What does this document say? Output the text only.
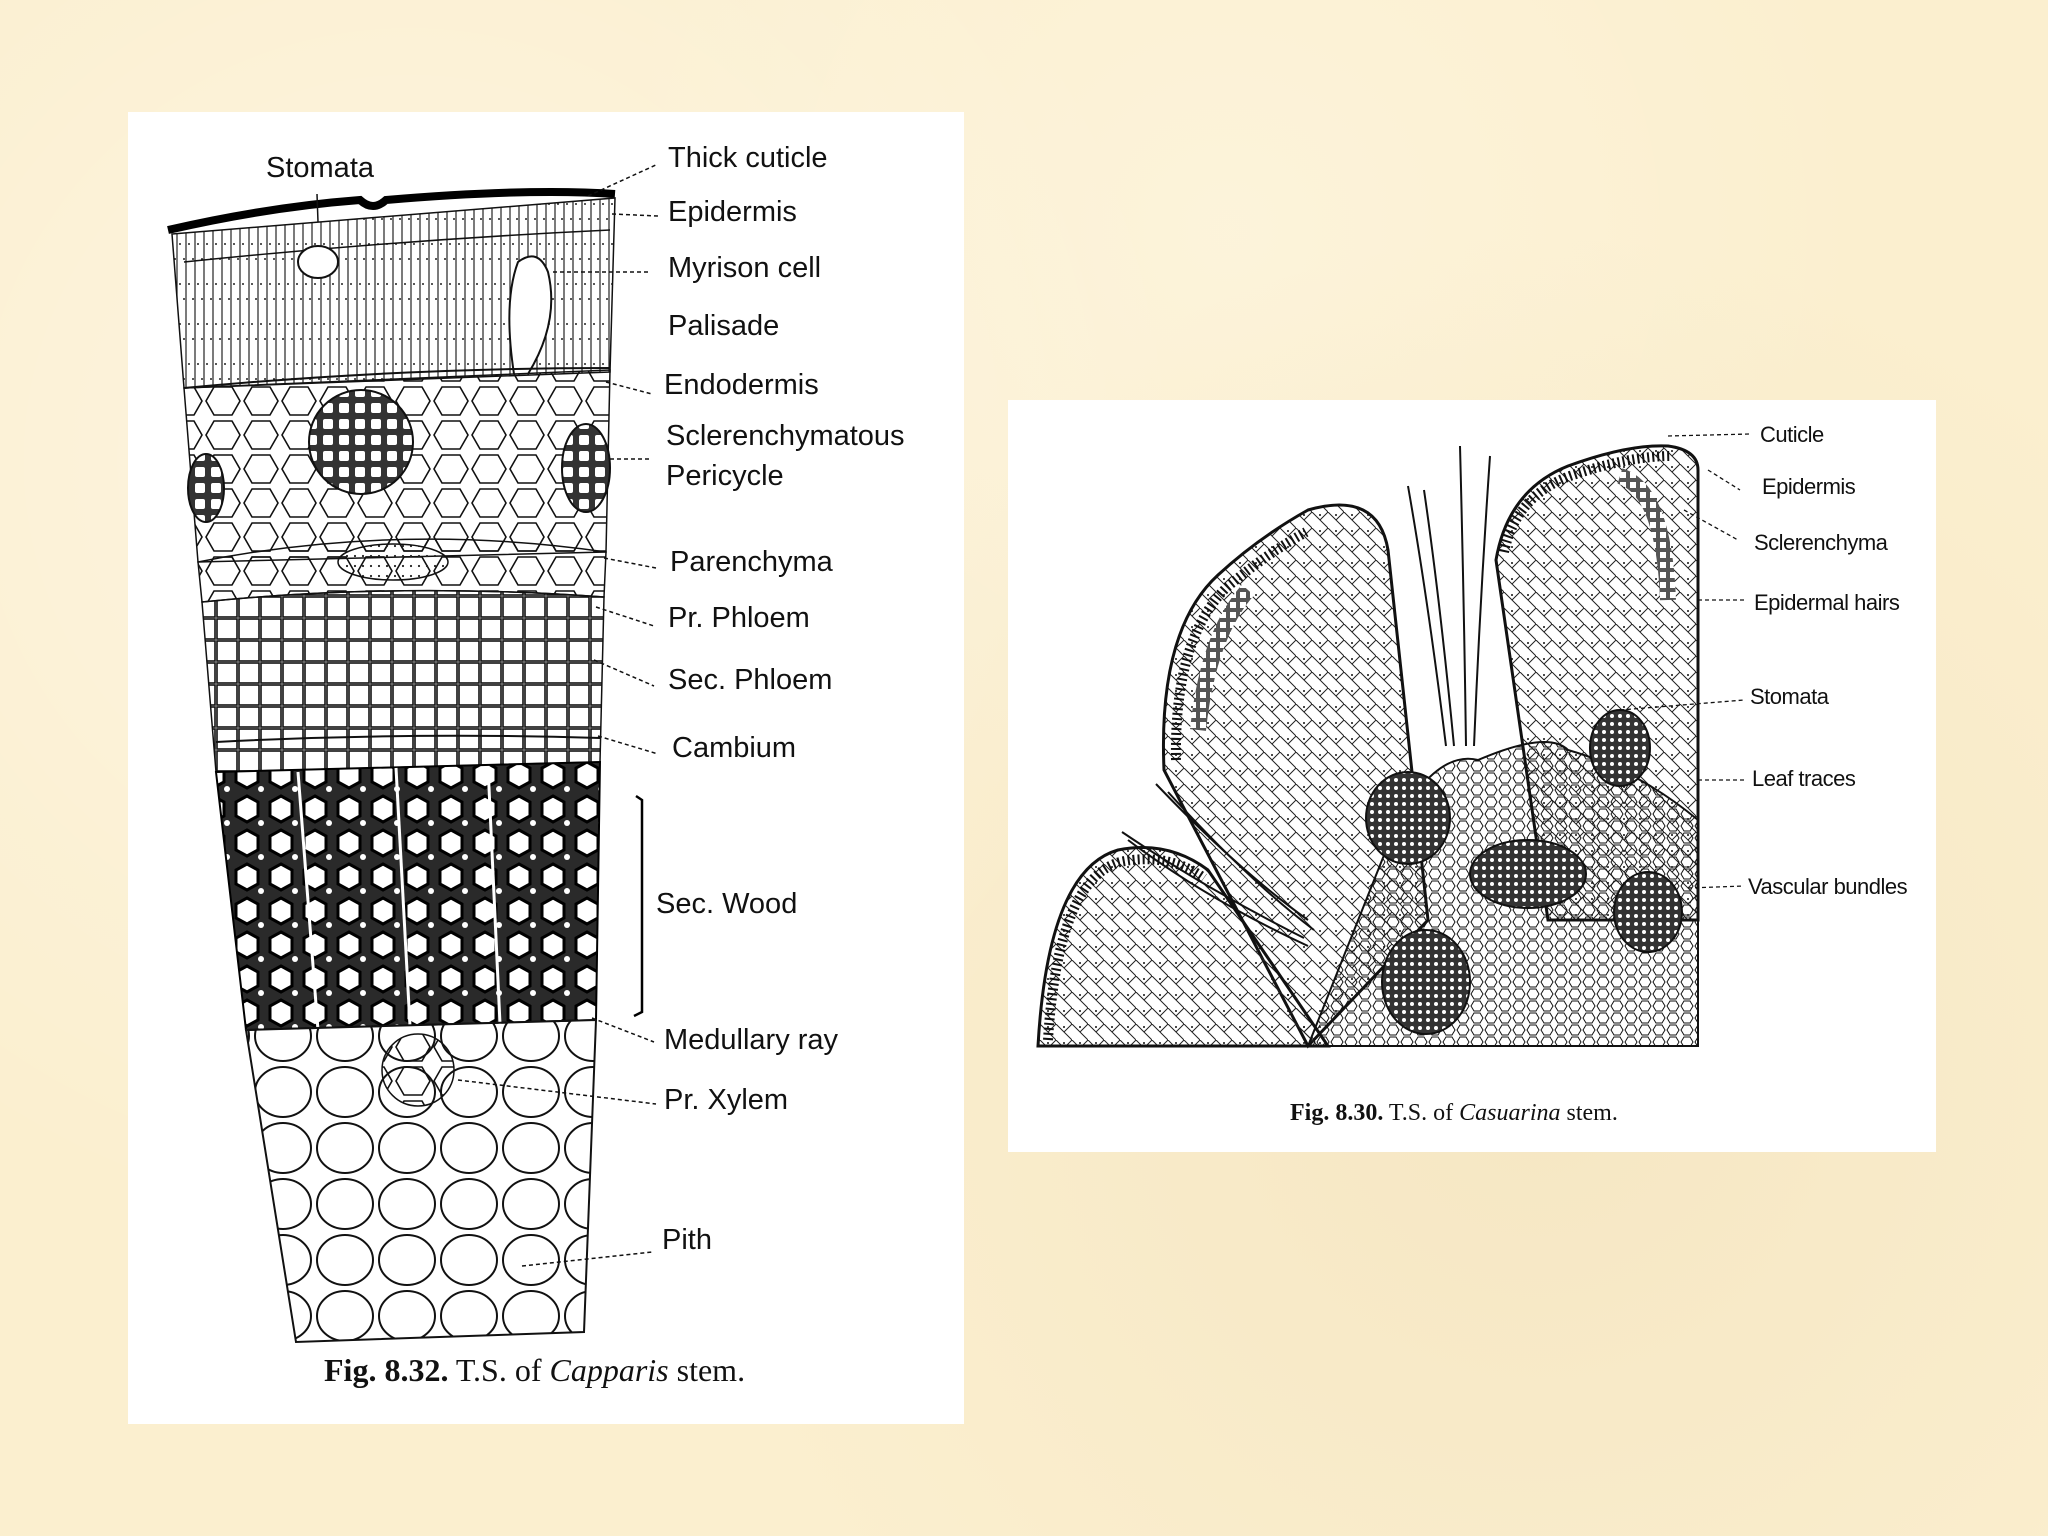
Stomata	Thick cuticle
Epidermis
Myrison cell
Palisade
Endodermis
Sclerenchymatous
Pericycle
Parenchyma
Pr. Phloem
Sec. Phloem
Cambium
Sec. Wood
Medullary ray
Pr. Xylem
Pith
Fig. 8.32. T.S. of Capparis stem.
Cuticle
Epidermis
Sclerenchyma
Epidermal hairs
Stomata
Leaf traces
Vascular bundles
Fig. 8.30. T.S. of Casuarina stem.
